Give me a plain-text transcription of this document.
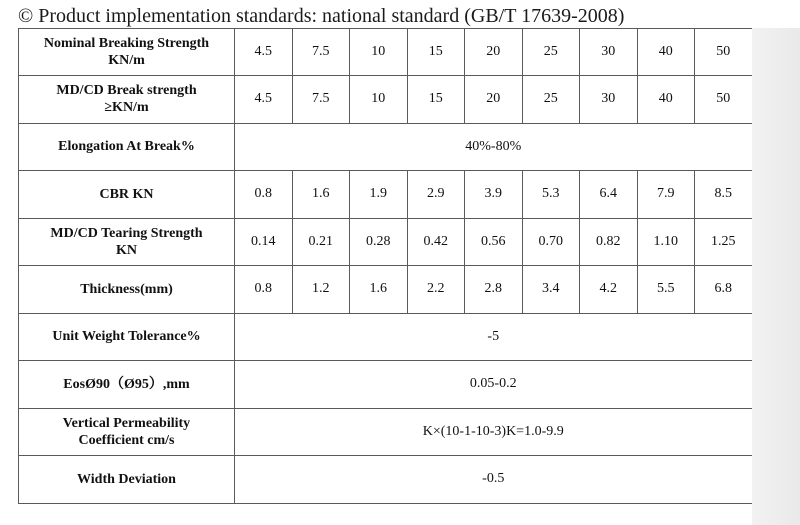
© Product implementation standards: national standard (GB/T 17639-2008)
Nominal Breaking Strength
KN/m	4.5	7.5	10	15	20	25	30	40	50

MD/CD Break strength
≥KN/m	4.5	7.5	10	15	20	25	30	40	50

Elongation At Break%	40%-80%								

CBR KN	0.8	1.6	1.9	2.9	3.9	5.3	6.4	7.9	8.5

MD/CD Tearing Strength
KN	0.14	0.21	0.28	0.42	0.56	0.70	0.82	1.10	1.25

Thickness(mm)	0.8	1.2	1.6	2.2	2.8	3.4	4.2	5.5	6.8

Unit Weight Tolerance%	-5								

EosØ90（Ø95）,mm	0.05-0.2								

Vertical Permeability
Coefficient cm/s	K×(10-1-10-3)K=1.0-9.9								

Width Deviation	-0.5								
